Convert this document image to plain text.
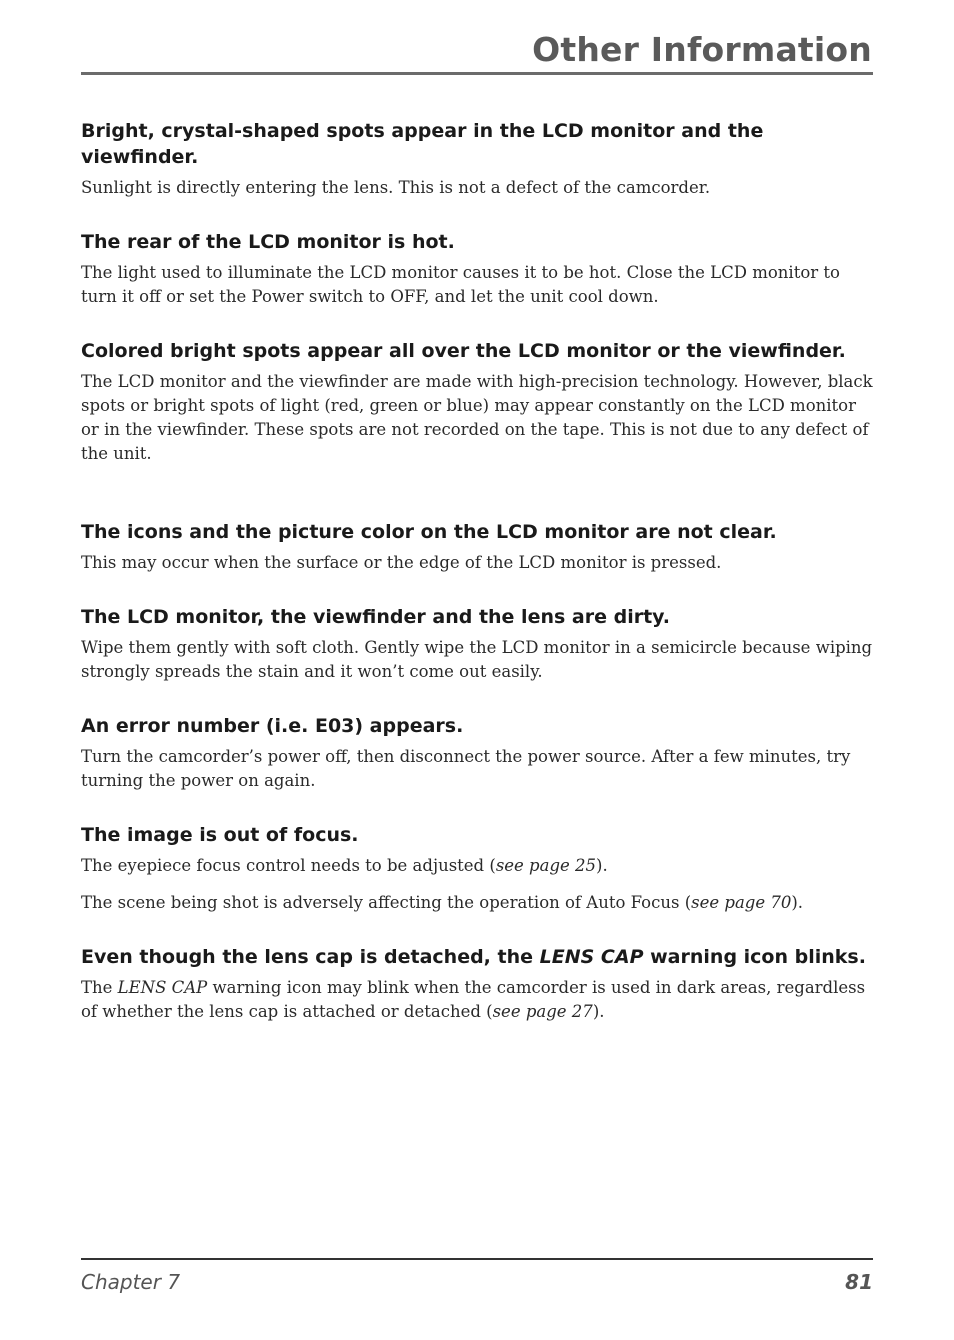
Other Information

Bright, crystal-shaped spots appear in the LCD monitor and the viewfinder.

Sunlight is directly entering the lens. This is not a defect of the camcorder.

The rear of the LCD monitor is hot.

The light used to illuminate the LCD monitor causes it to be hot. Close the LCD monitor to turn it off or set the Power switch to OFF, and let the unit cool down.

Colored bright spots appear all over the LCD monitor or the viewfinder.

The LCD monitor and the viewfinder are made with high-precision technology. However, black spots or bright spots of light (red, green or blue) may appear constantly on the LCD monitor or in the viewfinder. These spots are not recorded on the tape. This is not due to any defect of the unit.

The icons and the picture color on the LCD monitor are not clear.

This may occur when the surface or the edge of the LCD monitor is pressed.

The LCD monitor, the viewfinder and the lens are dirty.

Wipe them gently with soft cloth. Gently wipe the LCD monitor in a semicircle because wiping strongly spreads the stain and it won’t come out easily.

An error number (i.e. E03) appears.

Turn the camcorder’s power off, then disconnect the power source. After a few minutes, try turning the power on again.

The image is out of focus.

The eyepiece focus control needs to be adjusted (see page 25).

The scene being shot is adversely affecting the operation of Auto Focus (see page 70).

Even though the lens cap is detached, the LENS CAP warning icon blinks.

The LENS CAP warning icon may blink when the camcorder is used in dark areas, regardless of whether the lens cap is attached or detached (see page 27).

Chapter 7	81
